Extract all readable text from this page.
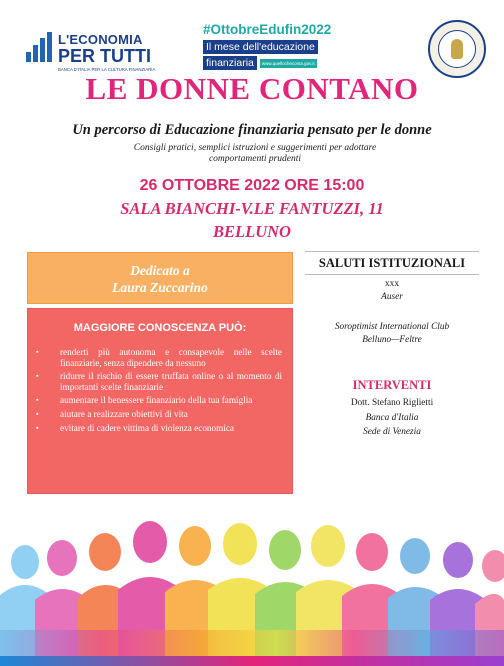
L'ECONOMIA
PER TUTTI
BANCA D'ITALIA PER LA CULTURA FINANZIARIA
#OttobreEdufin2022
Il mese dell'educazione
finanziaria	www.quellocheconta.gov.it
LE DONNE CONTANO
Un percorso di Educazione finanziaria pensato per le donne
Consigli pratici, semplici istruzioni e suggerimenti per adottare comportamenti prudenti
26 OTTOBRE 2022 ORE 15:00
SALA BIANCHI-V.LE FANTUZZI, 11
BELLUNO
Dedicato a
Laura Zuccarino
MAGGIORE CONOSCENZA PUÒ:
▪ renderti più autonoma e consapevole nelle scelte finanziarie, senza dipendere da nessuno
▪ ridurre il rischio di essere truffata online o al momento di importanti scelte finanziarie
▪ aumentare il benessere finanziario della tua famiglia
▪ aiutare a realizzare obiettivi di vita
▪ evitare di cadere vittima di violenza economica
SALUTI ISTITUZIONALI
xxx
Auser
Soroptimist International Club
Belluno—Feltre
INTERVENTI
Dott. Stefano Riglietti
Banca d'Italia
Sede di Venezia
